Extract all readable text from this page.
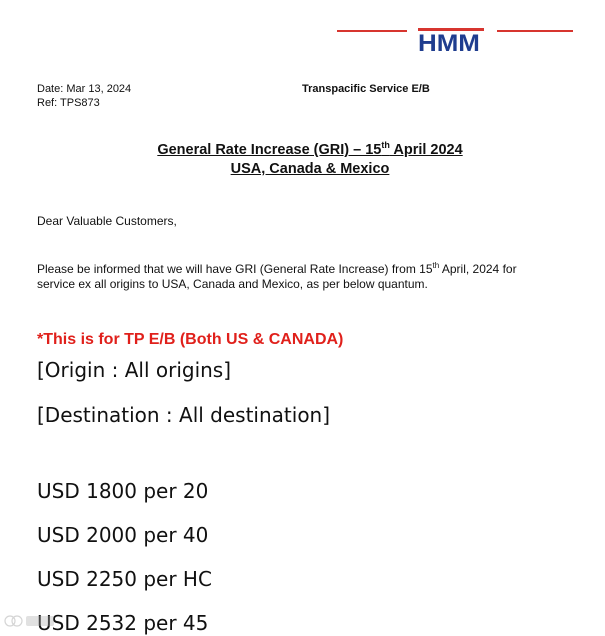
HMM
Date: Mar 13, 2024
Ref: TPS873
Transpacific Service E/B
General Rate Increase (GRI) – 15th April 2024
USA, Canada & Mexico
Dear Valuable Customers,
Please be informed that we will have GRI (General Rate Increase) from 15th April, 2024 for
service ex all origins to USA, Canada and Mexico, as per below quantum.
*This is for TP E/B (Both US & CANADA)
[Origin : All origins]
[Destination : All destination]
USD 1800 per 20
USD 2000 per 40
USD 2250 per HC
USD 2532 per 45
